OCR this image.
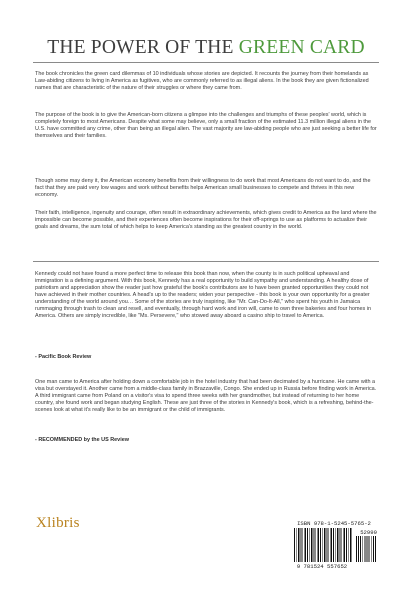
THE POWER OF THE GREEN CARD

The book chronicles the green card dilemmas of 10 individuals whose stories are depicted. It recounts the journey from their homelands as Law-abiding citizens to living in America as fugitives, who are commonly referred to as illegal aliens. In the book they are given fictionalized names that are characteristic of the nature of their struggles or where they came from.

The purpose of the book is to give the American-born citizens a glimpse into the challenges and triumphs of these peoples' world, which is completely foreign to most Americans. Despite what some may believe, only a small fraction of the estimated 11.3 million illegal aliens in the U.S. have committed any crime, other than being an illegal alien. The vast majority are law-abiding people who are just seeking a better life for themselves and their families.

Though some may deny it, the American economy benefits from their willingness to do work that most Americans do not want to do, and the fact that they are paid very low wages and work without benefits helps American small businesses to compete and thrives in this new economy.

Their faith, intelligence, ingenuity and courage, often result in extraordinary achievements, which gives credit to America as the land where the impossible can become possible, and their experiences often become inspirations for their off-springs to use as platforms to actualize their goals and dreams, the sum total of which helps to keep America's standing as the greatest country in the world.

Kennedy could not have found a more perfect time to release this book than now, when the county is in such political upheaval and immigration is a defining argument. With this book, Kennedy has a real opportunity to build sympathy and understanding. A healthy dose of patriotism and appreciation show the reader just how grateful the book's contributors are to have been granted opportunities they could not have achieved in their mother countries. A head's up to the readers; widen your perspective - this book is your own opportunity for a greater understanding of the world around you… Some of the stories are truly inspiring, like "Mr. Can-Do-It-All," who spent his youth in Jamaica rummaging through trash to clean and resell, and eventually, through hard work and iron will, came to own three bakeries and four homes in America. Others are simply incredible, like "Ms. Persevere," who stowed away aboard a casino ship to travel to America.

- Pacific Book Review

One man came to America after holding down a comfortable job in the hotel industry that had been decimated by a hurricane. He came with a visa but overstayed it. Another came from a middle-class family in Brazzaville, Congo. She ended up in Russia before finding work in America. A third immigrant came from Poland on a visitor's visa to spend three weeks with her grandmother, but instead of returning to her home country, she found work and began studying English. These are just three of the stories in Kennedy's book, which is a refreshing, behind-the-scenes look at what it's really like to be an immigrant or the child of immigrants.

- RECOMMENDED by the US Review
Xlibris	ISBN 978-1-5245-5765-2
52999
9 781524 557652
